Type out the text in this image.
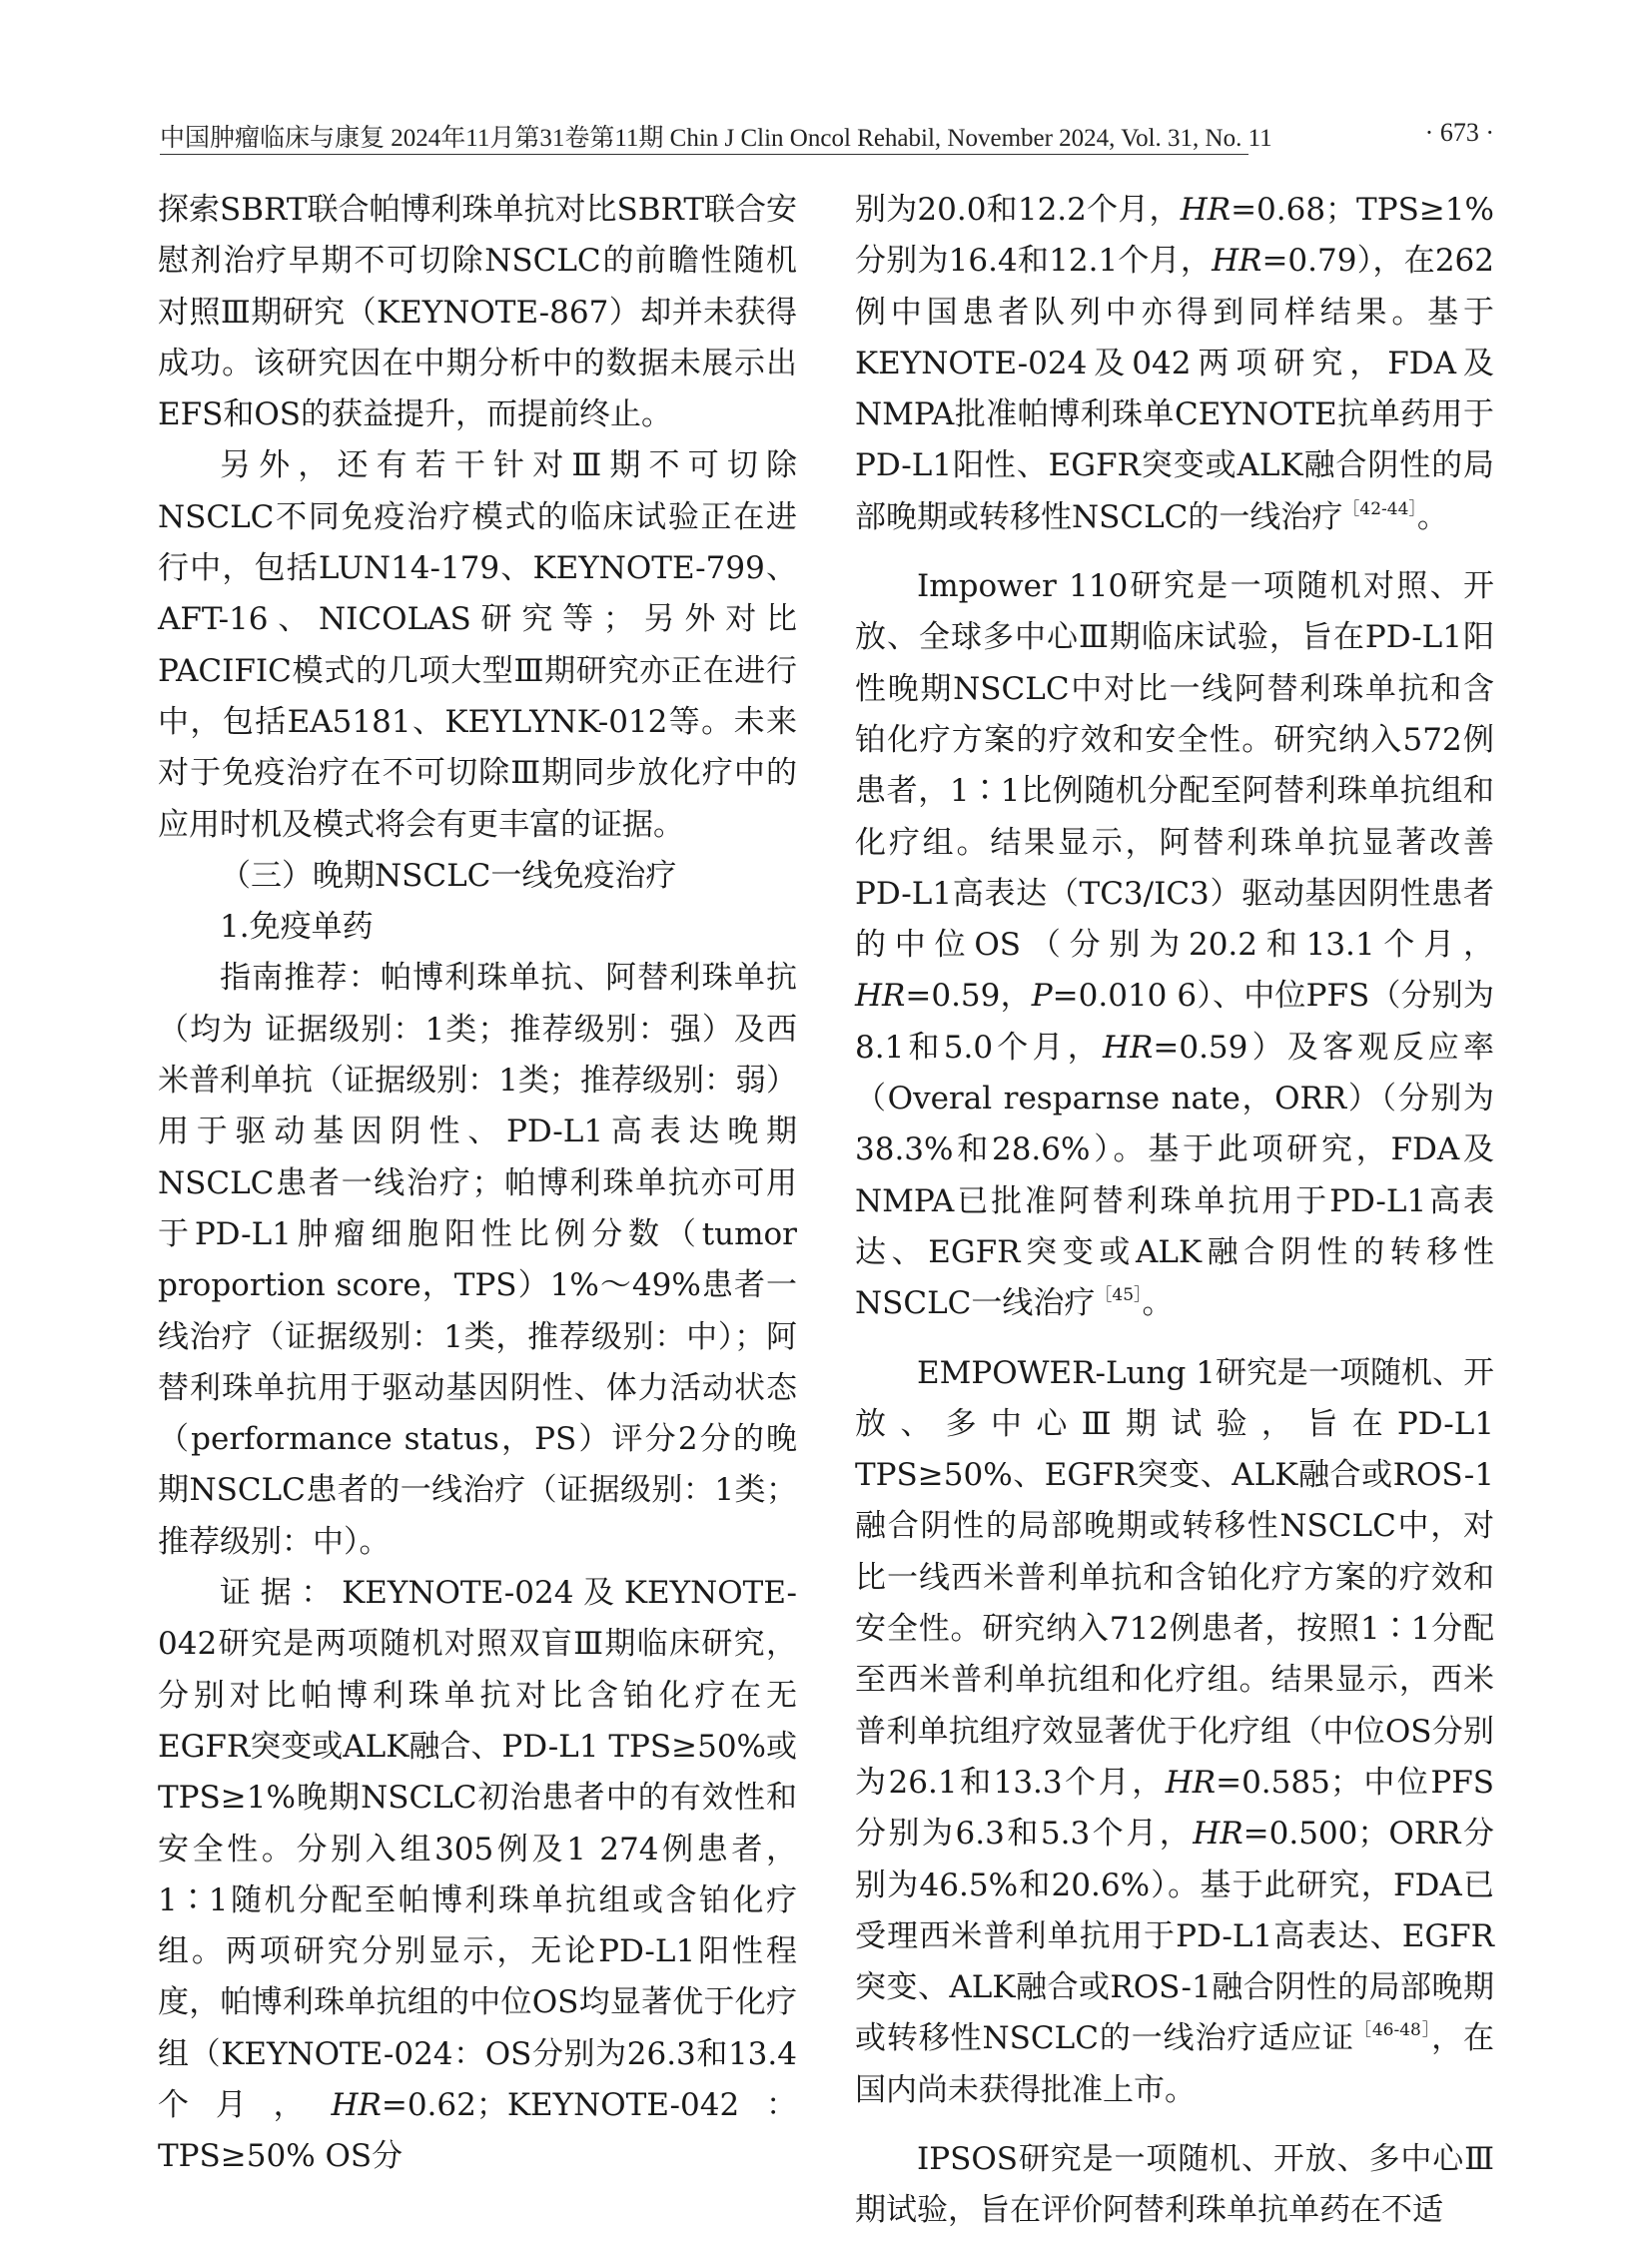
中国肿瘤临床与康复 2024年11月第31卷第11期 Chin J Clin Oncol Rehabil, November 2024, Vol. 31, No. 11	· 673 ·

探索SBRT联合帕博利珠单抗对比SBRT联合安慰剂治疗早期不可切除NSCLC的前瞻性随机对照Ⅲ期研究（KEYNOTE-867）却并未获得成功。该研究因在中期分析中的数据未展示出EFS和OS的获益提升，而提前终止。

另外，还有若干针对Ⅲ期不可切除NSCLC不同免疫治疗模式的临床试验正在进行中，包括LUN14-179、KEYNOTE-799、AFT-16、NICOLAS研究等；另外对比PACIFIC模式的几项大型Ⅲ期研究亦正在进行中，包括EA5181、KEYLYNK-012等。未来对于免疫治疗在不可切除Ⅲ期同步放化疗中的应用时机及模式将会有更丰富的证据。

（三）晚期NSCLC一线免疫治疗

1.免疫单药

指南推荐：帕博利珠单抗、阿替利珠单抗（均为 证据级别：1类；推荐级别：强）及西米普利单抗（证据级别：1类；推荐级别：弱）用于驱动基因阴性、PD-L1高表达晚期NSCLC患者一线治疗；帕博利珠单抗亦可用于PD-L1肿瘤细胞阳性比例分数（tumor proportion score，TPS）1%～49%患者一线治疗（证据级别：1类，推荐级别：中）；阿替利珠单抗用于驱动基因阴性、体力活动状态（performance status，PS）评分2分的晚期NSCLC患者的一线治疗（证据级别：1类；推荐级别：中）。

证据：KEYNOTE-024及KEYNOTE-042研究是两项随机对照双盲Ⅲ期临床研究，分别对比帕博利珠单抗对比含铂化疗在无EGFR突变或ALK融合、PD-L1 TPS≥50%或TPS≥1%晚期NSCLC初治患者中的有效性和安全性。分别入组305例及1 274例患者，1∶1随机分配至帕博利珠单抗组或含铂化疗组。两项研究分别显示，无论PD-L1阳性程度，帕博利珠单抗组的中位OS均显著优于化疗组（KEYNOTE-024：OS分别为26.3和13.4个月，HR=0.62；KEYNOTE-042：TPS≥50% OS分

别为20.0和12.2个月，HR=0.68；TPS≥1%分别为16.4和12.1个月，HR=0.79），在262例中国患者队列中亦得到同样结果。基于KEYNOTE-024及042两项研究，FDA及NMPA批准帕博利珠单CEYNOTE抗单药用于PD-L1阳性、EGFR突变或ALK融合阴性的局部晚期或转移性NSCLC的一线治疗$^{[42-44]}$。

Impower 110研究是一项随机对照、开放、全球多中心Ⅲ期临床试验，旨在PD-L1阳性晚期NSCLC中对比一线阿替利珠单抗和含铂化疗方案的疗效和安全性。研究纳入572例患者，1∶1比例随机分配至阿替利珠单抗组和化疗组。结果显示，阿替利珠单抗显著改善PD-L1高表达（TC3/IC3）驱动基因阴性患者的中位OS（分别为20.2和13.1个月，HR=0.59，P=0.010 6）、中位PFS（分别为8.1和5.0个月，HR=0.59）及客观反应率（Overal resparnse nate，ORR）（分别为38.3%和28.6%）。基于此项研究，FDA及NMPA已批准阿替利珠单抗用于PD-L1高表达、EGFR突变或ALK融合阴性的转移性NSCLC一线治疗$^{[45]}$。

EMPOWER-Lung 1研究是一项随机、开放、多中心Ⅲ期试验，旨在PD-L1 TPS≥50%、EGFR突变、ALK融合或ROS-1融合阴性的局部晚期或转移性NSCLC中，对比一线西米普利单抗和含铂化疗方案的疗效和安全性。研究纳入712例患者，按照1∶1分配至西米普利单抗组和化疗组。结果显示，西米普利单抗组疗效显著优于化疗组（中位OS分别为26.1和13.3个月，HR=0.585；中位PFS分别为6.3和5.3个月，HR=0.500；ORR分别为46.5%和20.6%）。基于此研究，FDA已受理西米普利单抗用于PD-L1高表达、EGFR突变、ALK融合或ROS-1融合阴性的局部晚期或转移性NSCLC的一线治疗适应证$^{[46-48]}$，在国内尚未获得批准上市。

IPSOS研究是一项随机、开放、多中心Ⅲ期试验，旨在评价阿替利珠单抗单药在不适
